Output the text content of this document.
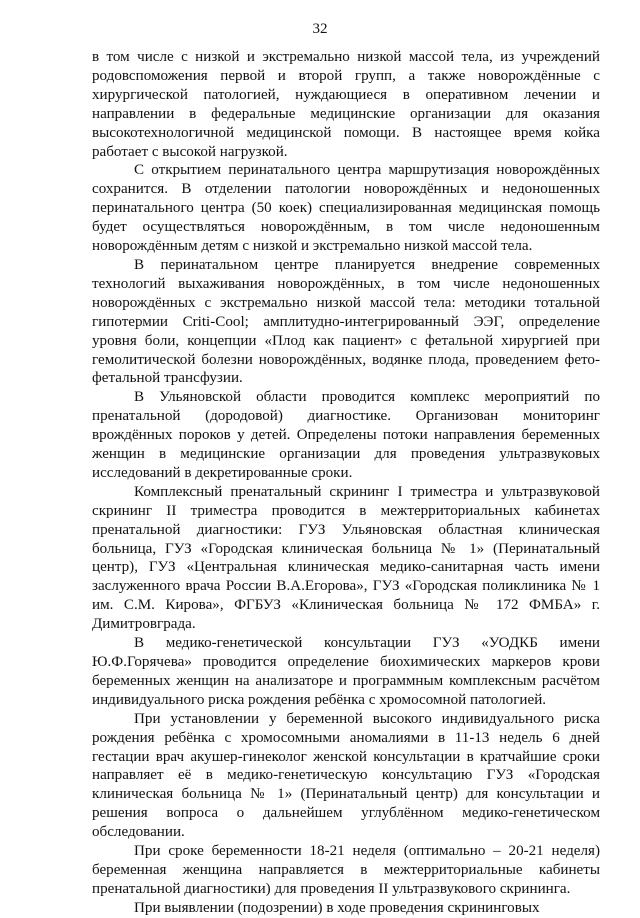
32

в том числе с низкой и экстремально низкой массой тела, из учреждений родовспоможения первой и второй групп, а также новорождённые с хирургической патологией, нуждающиеся в оперативном лечении и направлении в федеральные медицинские организации для оказания высокотехнологичной медицинской помощи. В настоящее время койка работает с высокой нагрузкой.

С открытием перинатального центра маршрутизация новорождённых сохранится. В отделении патологии новорождённых и недоношенных перинатального центра (50 коек) специализированная медицинская помощь будет осуществляться новорождённым, в том числе недоношенным новорождённым детям с низкой и экстремально низкой массой тела.

В перинатальном центре планируется внедрение современных технологий выхаживания новорождённых, в том числе недоношенных новорождённых с экстремально низкой массой тела: методики тотальной гипотермии Criti-Cool; амплитудно-интегрированный ЭЭГ, определение уровня боли, концепции «Плод как пациент» с фетальной хирургией при гемолитической болезни новорождённых, водянке плода, проведением фето-фетальной трансфузии.

В Ульяновской области проводится комплекс мероприятий по пренатальной (дородовой) диагностике. Организован мониторинг врождённых пороков у детей. Определены потоки направления беременных женщин в медицинские организации для проведения ультразвуковых исследований в декретированные сроки.

Комплексный пренатальный скрининг I триместра и ультразвуковой скрининг II триместра проводится в межтерриториальных кабинетах пренатальной диагностики: ГУЗ Ульяновская областная клиническая больница, ГУЗ «Городская клиническая больница № 1» (Перинатальный центр), ГУЗ «Центральная клиническая медико-санитарная часть имени заслуженного врача России В.А.Егорова», ГУЗ «Городская поликлиника № 1 им. С.М. Кирова», ФГБУЗ «Клиническая больница № 172 ФМБА» г. Димитровграда.

В медико-генетической консультации ГУЗ «УОДКБ имени Ю.Ф.Горячева» проводится определение биохимических маркеров крови беременных женщин на анализаторе и программным комплексным расчётом индивидуального риска рождения ребёнка с хромосомной патологией.

При установлении у беременной высокого индивидуального риска рождения ребёнка с хромосомными аномалиями в 11-13 недель 6 дней гестации врач акушер-гинеколог женской консультации в кратчайшие сроки направляет её в медико-генетическую консультацию ГУЗ «Городская клиническая больница № 1» (Перинатальный центр) для консультации и решения вопроса о дальнейшем углублённом медико-генетическом обследовании.

При сроке беременности 18-21 неделя (оптимально – 20-21 неделя) беременная женщина направляется в межтерриториальные кабинеты пренатальной диагностики) для проведения II ультразвукового скрининга.

При выявлении (подозрении) в ходе проведения скрининговых
